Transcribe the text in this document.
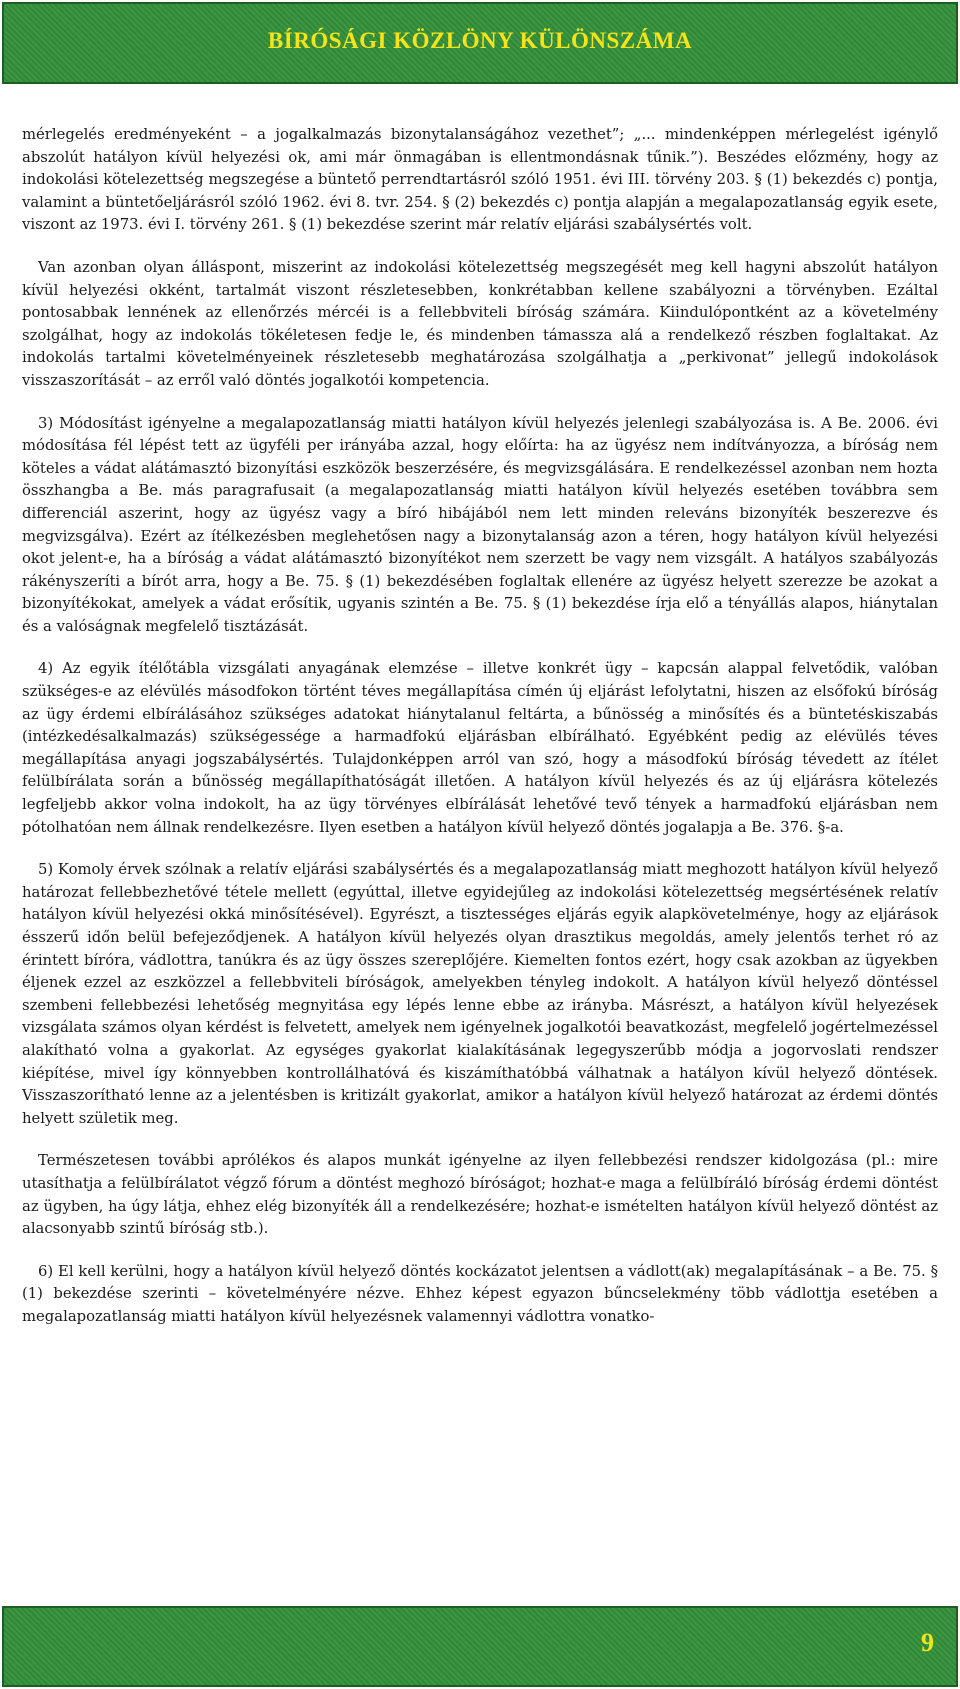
BÍRÓSÁGI KÖZLÖNY KÜLÖNSZÁMA

mérlegelés eredményeként – a jogalkalmazás bizonytalanságához vezethet”; „... mindenképpen mérlegelést igénylő abszolút hatályon kívül helyezési ok, ami már önmagában is ellentmondásnak tűnik.”). Beszédes előzmény, hogy az indokolási kötelezettség megszegése a büntető perrendtartásról szóló 1951. évi III. törvény 203. § (1) bekezdés c) pontja, valamint a büntetőeljárásról szóló 1962. évi 8. tvr. 254. § (2) bekezdés c) pontja alapján a megalapozatlanság egyik esete, viszont az 1973. évi I. törvény 261. § (1) bekezdése szerint már relatív eljárási szabálysértés volt.

Van azonban olyan álláspont, miszerint az indokolási kötelezettség megszegését meg kell hagyni abszolút hatályon kívül helyezési okként, tartalmát viszont részletesebben, konkrétabban kellene szabályozni a törvényben. Ezáltal pontosabbak lennének az ellenőrzés mércéi is a fellebbviteli bíróság számára. Kiindulópontként az a követelmény szolgálhat, hogy az indokolás tökéletesen fedje le, és mindenben támassza alá a rendelkező részben foglaltakat. Az indokolás tartalmi követelményeinek részletesebb meghatározása szolgálhatja a „perkivonat” jellegű indokolások visszaszorítását – az erről való döntés jogalkotói kompetencia.

3) Módosítást igényelne a megalapozatlanság miatti hatályon kívül helyezés jelenlegi szabályozása is. A Be. 2006. évi módosítása fél lépést tett az ügyféli per irányába azzal, hogy előírta: ha az ügyész nem indítványozza, a bíróság nem köteles a vádat alátámasztó bizonyítási eszközök beszerzésére, és megvizsgálására. E rendelkezéssel azonban nem hozta összhangba a Be. más paragrafusait (a megalapozatlanság miatti hatályon kívül helyezés esetében továbbra sem differenciál aszerint, hogy az ügyész vagy a bíró hibájából nem lett minden releváns bizonyíték beszerezve és megvizsgálva). Ezért az ítélkezésben meglehetősen nagy a bizonytalanság azon a téren, hogy hatályon kívül helyezési okot jelent-e, ha a bíróság a vádat alátámasztó bizonyítékot nem szerzett be vagy nem vizsgált. A hatályos szabályozás rákényszeríti a bírót arra, hogy a Be. 75. § (1) bekezdésében foglaltak ellenére az ügyész helyett szerezze be azokat a bizonyítékokat, amelyek a vádat erősítik, ugyanis szintén a Be. 75. § (1) bekezdése írja elő a tényállás alapos, hiánytalan és a valóságnak megfelelő tisztázását.

4) Az egyik ítélőtábla vizsgálati anyagának elemzése – illetve konkrét ügy – kapcsán alappal felvetődik, valóban szükséges-e az elévülés másodfokon történt téves megállapítása címén új eljárást lefolytatni, hiszen az elsőfokú bíróság az ügy érdemi elbírálásához szükséges adatokat hiánytalanul feltárta, a bűnösség a minősítés és a büntetéskiszabás (intézkedésalkalmazás) szükségessége a harmadfokú eljárásban elbírálható. Egyébként pedig az elévülés téves megállapítása anyagi jogszabálysértés. Tulajdonképpen arról van szó, hogy a másodfokú bíróság tévedett az ítélet felülbírálata során a bűnösség megállapíthatóságát illetően. A hatályon kívül helyezés és az új eljárásra kötelezés legfeljebb akkor volna indokolt, ha az ügy törvényes elbírálását lehetővé tevő tények a harmadfokú eljárásban nem pótolhatóan nem állnak rendelkezésre. Ilyen esetben a hatályon kívül helyező döntés jogalapja a Be. 376. §-a.

5) Komoly érvek szólnak a relatív eljárási szabálysértés és a megalapozatlanság miatt meghozott hatályon kívül helyező határozat fellebbezhetővé tétele mellett (egyúttal, illetve egyidejűleg az indokolási kötelezettség megsértésének relatív hatályon kívül helyezési okká minősítésével). Egyrészt, a tisztességes eljárás egyik alapkövetelménye, hogy az eljárások ésszerű időn belül befejeződjenek. A hatályon kívül helyezés olyan drasztikus megoldás, amely jelentős terhet ró az érintett bíróra, vádlottra, tanúkra és az ügy összes szereplőjére. Kiemelten fontos ezért, hogy csak azokban az ügyekben éljenek ezzel az eszközzel a fellebbviteli bíróságok, amelyekben tényleg indokolt. A hatályon kívül helyező döntéssel szembeni fellebbezési lehetőség megnyitása egy lépés lenne ebbe az irányba. Másrészt, a hatályon kívül helyezések vizsgálata számos olyan kérdést is felvetett, amelyek nem igényelnek jogalkotói beavatkozást, megfelelő jogértelmezéssel alakítható volna a gyakorlat. Az egységes gyakorlat kialakításának legegyszerűbb módja a jogorvoslati rendszer kiépítése, mivel így könnyebben kontrollálhatóvá és kiszámíthatóbbá válhatnak a hatályon kívül helyező döntések. Visszaszorítható lenne az a jelentésben is kritizált gyakorlat, amikor a hatályon kívül helyező határozat az érdemi döntés helyett születik meg.

Természetesen további aprólékos és alapos munkát igényelne az ilyen fellebbezési rendszer kidolgozása (pl.: mire utasíthatja a felülbírálatot végző fórum a döntést meghozó bíróságot; hozhat-e maga a felülbíráló bíróság érdemi döntést az ügyben, ha úgy látja, ehhez elég bizonyíték áll a rendelkezésére; hozhat-e ismételten hatályon kívül helyező döntést az alacsonyabb szintű bíróság stb.).

6) El kell kerülni, hogy a hatályon kívül helyező döntés kockázatot jelentsen a vádlott(ak) megalapításának – a Be. 75. § (1) bekezdése szerinti – követelményére nézve. Ehhez képest egyazon bűncselekmény több vádlottja esetében a megalapozatlanság miatti hatályon kívül helyezésnek valamennyi vádlottra vonatko-

9
